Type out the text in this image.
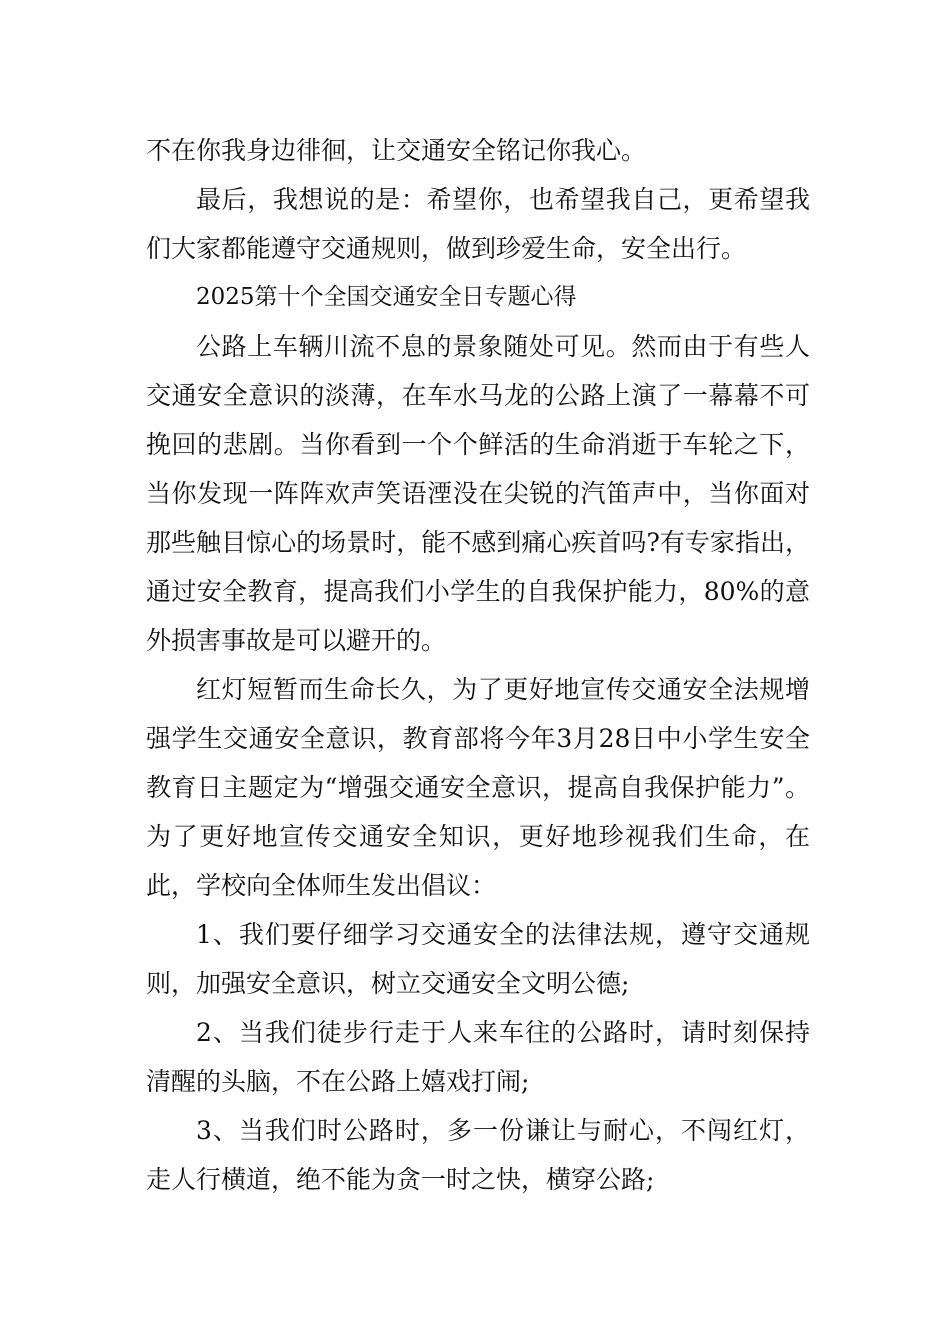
不在你我身边徘徊，让交通安全铭记你我心。

最后，我想说的是：希望你，也希望我自己，更希望我们大家都能遵守交通规则，做到珍爱生命，安全出行。

2025第十个全国交通安全日专题心得

公路上车辆川流不息的景象随处可见。然而由于有些人交通安全意识的淡薄，在车水马龙的公路上演了一幕幕不可挽回的悲剧。当你看到一个个鲜活的生命消逝于车轮之下，当你发现一阵阵欢声笑语湮没在尖锐的汽笛声中，当你面对那些触目惊心的场景时，能不感到痛心疾首吗?有专家指出，通过安全教育，提高我们小学生的自我保护能力，80%的意外损害事故是可以避开的。

红灯短暂而生命长久，为了更好地宣传交通安全法规增强学生交通安全意识，教育部将今年3月28日中小学生安全教育日主题定为“增强交通安全意识，提高自我保护能力”。为了更好地宣传交通安全知识，更好地珍视我们生命，在此，学校向全体师生发出倡议：

1、我们要仔细学习交通安全的法律法规，遵守交通规则，加强安全意识，树立交通安全文明公德;

2、当我们徒步行走于人来车往的公路时，请时刻保持清醒的头脑，不在公路上嬉戏打闹;

3、当我们时公路时，多一份谦让与耐心，不闯红灯，走人行横道，绝不能为贪一时之快，横穿公路;
